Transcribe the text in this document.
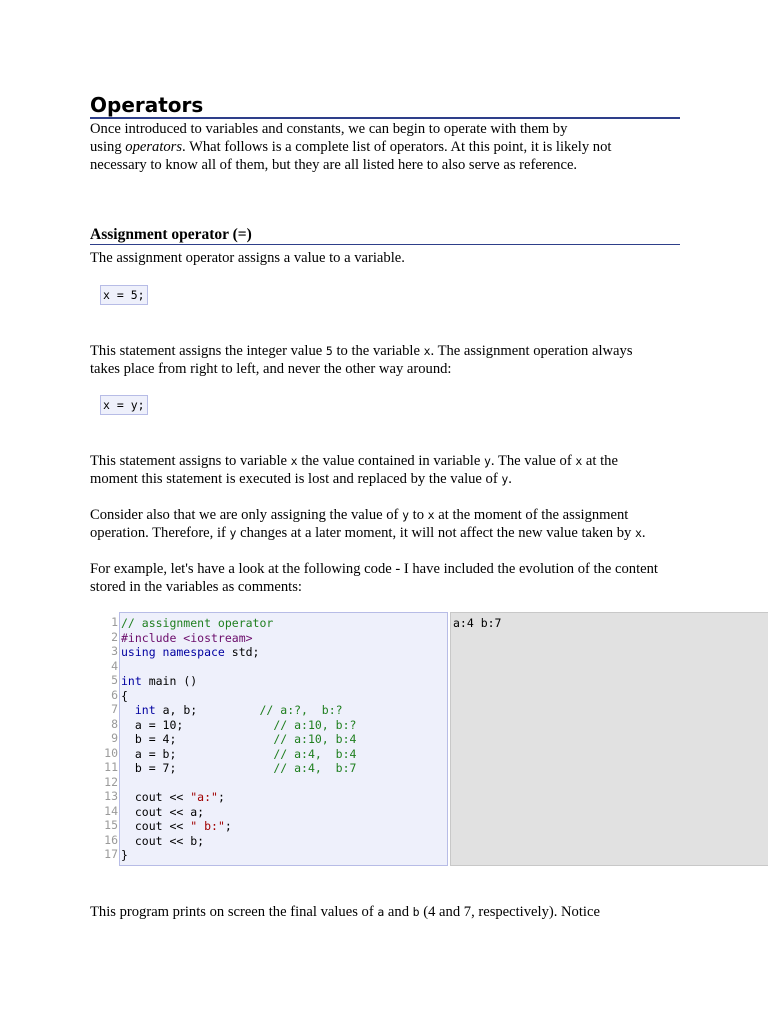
Operators

Once introduced to variables and constants, we can begin to operate with them by
using operators. What follows is a complete list of operators. At this point, it is likely not
necessary to know all of them, but they are all listed here to also serve as reference.

Assignment operator (=)

The assignment operator assigns a value to a variable.

x = 5;

This statement assigns the integer value 5 to the variable x. The assignment operation always
takes place from right to left, and never the other way around:

x = y;

This statement assigns to variable x the value contained in variable y. The value of x at the
moment this statement is executed is lost and replaced by the value of y.

Consider also that we are only assigning the value of y to x at the moment of the assignment
operation. Therefore, if y changes at a later moment, it will not affect the new value taken by x.

For example, let's have a look at the following code - I have included the evolution of the content
stored in the variables as comments:

1
2
3
4
5
6
7
8
9
10
11
12
13
14
15
16
17
// assignment operator
#include <iostream>
using namespace std;
int main ()
{
int a, b;         // a:?,  b:?
a = 10;             // a:10, b:?
b = 4;              // a:10, b:4
a = b;              // a:4,  b:4
b = 7;              // a:4,  b:7
cout << "a:";
cout << a;
cout << " b:";
cout << b;
}
a:4 b:7

This program prints on screen the final values of a and b (4 and 7, respectively). Notice
